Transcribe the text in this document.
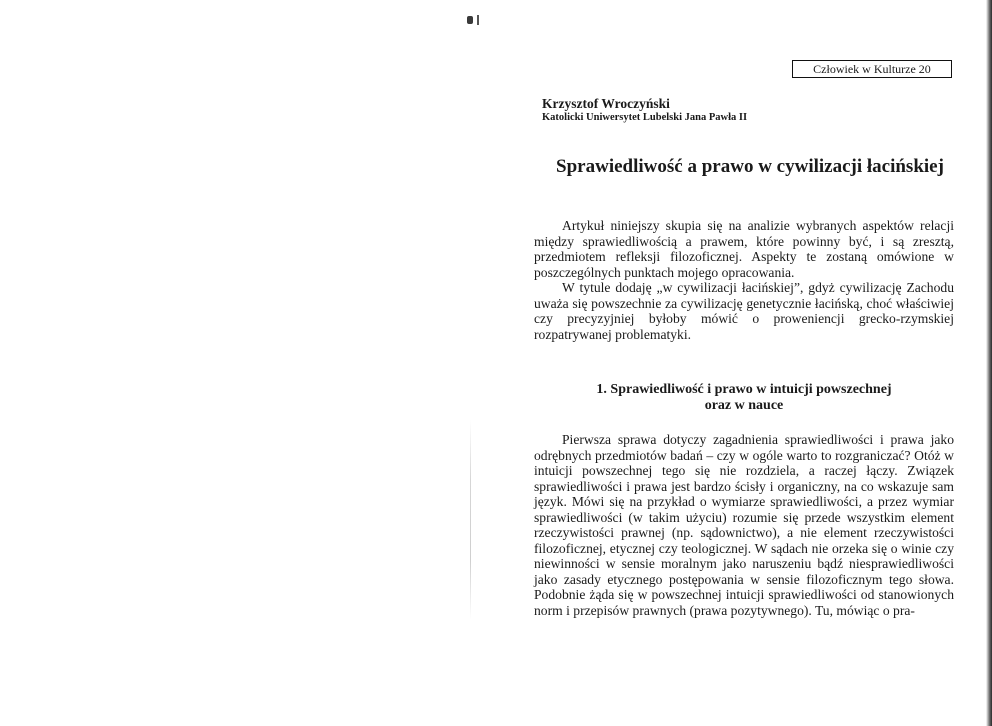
Człowiek w Kulturze 20
Krzysztof Wroczyński
Katolicki Uniwersytet Lubelski Jana Pawła II
Sprawiedliwość a prawo w cywilizacji łacińskiej

Artykuł niniejszy skupia się na analizie wybranych aspektów relacji między sprawiedliwością a prawem, które powinny być, i są zresztą, przedmiotem refleksji filozoficznej. Aspekty te zostaną omówione w poszczególnych punktach mojego opracowania.

W tytule dodaję „w cywilizacji łacińskiej”, gdyż cywilizację Zachodu uważa się powszechnie za cywilizację genetycznie łacińską, choć właściwiej czy precyzyjniej byłoby mówić o proweniencji grecko-rzymskiej rozpatrywanej problematyki.

1. Sprawiedliwość i prawo w intuicji powszechnej
oraz w nauce

Pierwsza sprawa dotyczy zagadnienia sprawiedliwości i prawa jako odrębnych przedmiotów badań – czy w ogóle warto to rozgraniczać? Otóż w intuicji powszechnej tego się nie rozdziela, a raczej łączy. Związek sprawiedliwości i prawa jest bardzo ścisły i organiczny, na co wskazuje sam język. Mówi się na przykład o wymiarze sprawiedliwości, a przez wymiar sprawiedliwości (w takim użyciu) rozumie się przede wszystkim element rzeczywistości prawnej (np. sądownictwo), a nie element rzeczywistości filozoficznej, etycznej czy teologicznej. W sądach nie orzeka się o winie czy niewinności w sensie moralnym jako naruszeniu bądź niesprawiedliwości jako zasady etycznego postępowania w sensie filozoficznym tego słowa. Podobnie żąda się w powszechnej intuicji sprawiedliwości od stanowionych norm i przepisów prawnych (prawa pozytywnego). Tu, mówiąc o pra-
